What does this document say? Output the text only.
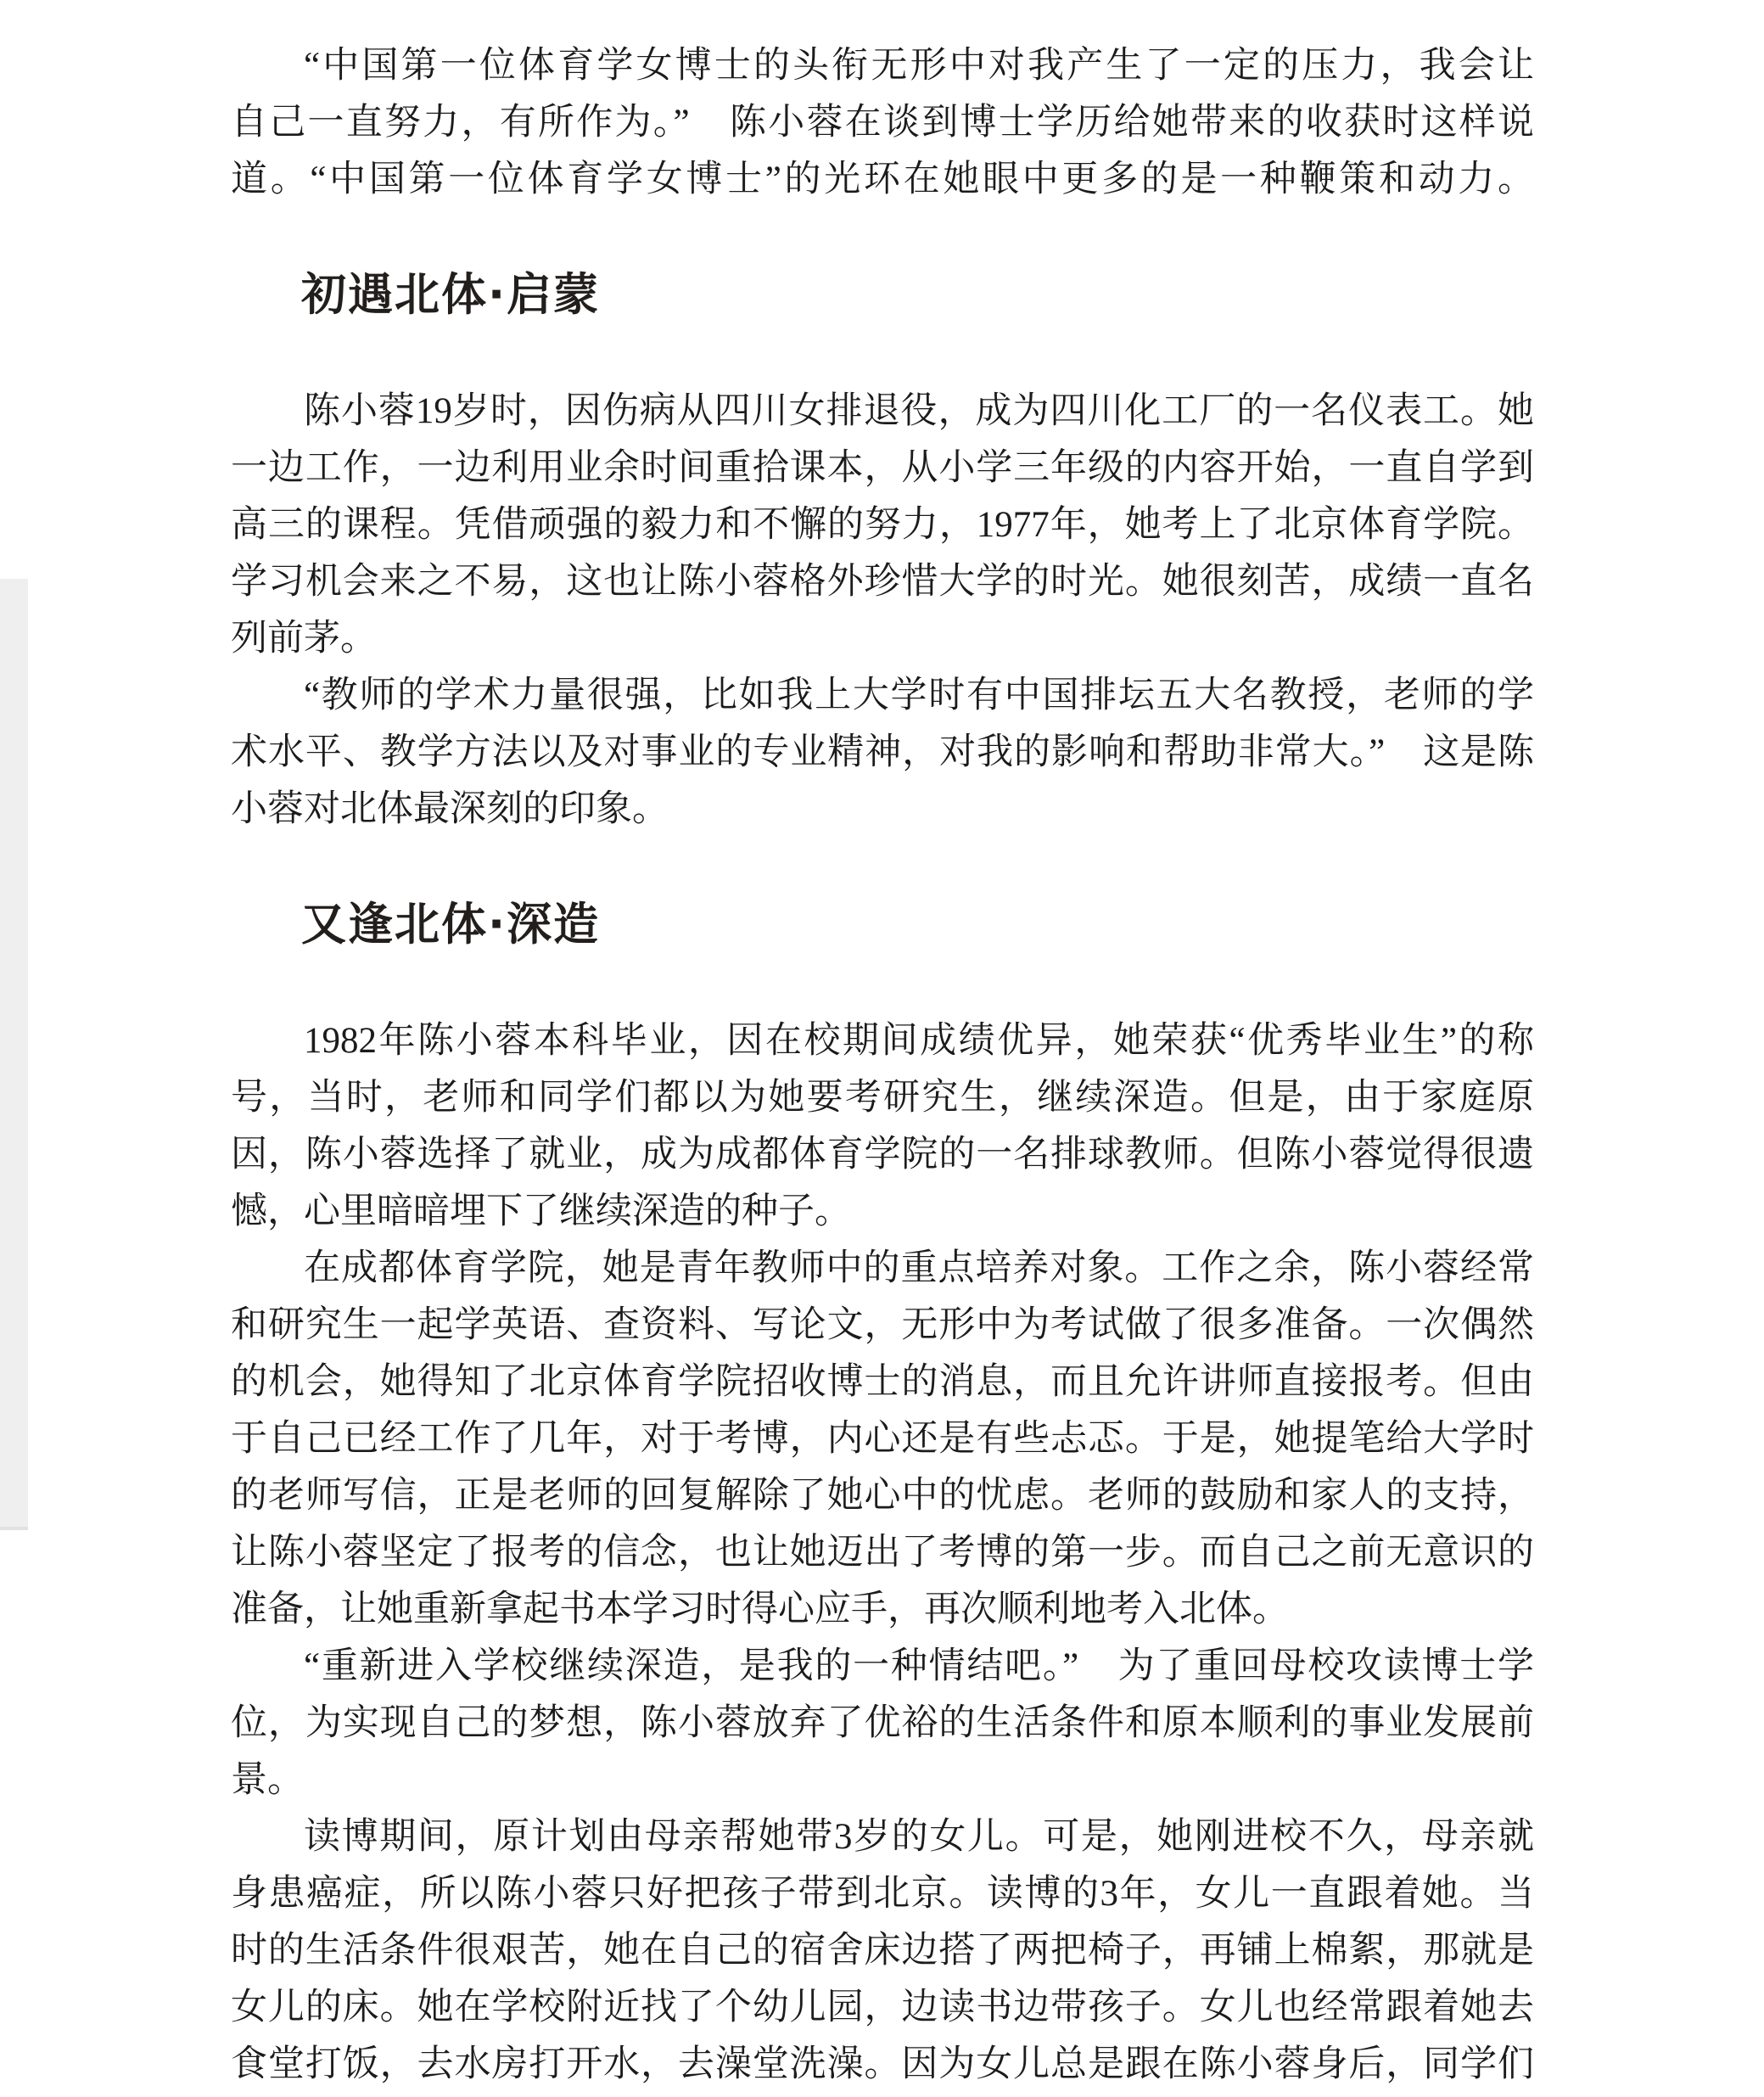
“中国第一位体育学女博士的头衔无形中对我产生了一定的压力，我会让
自己一直努力，有所作为。”　陈小蓉在谈到博士学历给她带来的收获时这样说
道。“中国第一位体育学女博士”的光环在她眼中更多的是一种鞭策和动力。
初遇北体·启蒙
陈小蓉19岁时，因伤病从四川女排退役，成为四川化工厂的一名仪表工。她
一边工作，一边利用业余时间重拾课本，从小学三年级的内容开始，一直自学到
高三的课程。凭借顽强的毅力和不懈的努力，1977年，她考上了北京体育学院。
学习机会来之不易，这也让陈小蓉格外珍惜大学的时光。她很刻苦，成绩一直名
列前茅。
“教师的学术力量很强，比如我上大学时有中国排坛五大名教授，老师的学
术水平、教学方法以及对事业的专业精神，对我的影响和帮助非常大。”　这是陈
小蓉对北体最深刻的印象。
又逢北体·深造
1982年陈小蓉本科毕业，因在校期间成绩优异，她荣获“优秀毕业生”的称
号，当时，老师和同学们都以为她要考研究生，继续深造。但是，由于家庭原
因，陈小蓉选择了就业，成为成都体育学院的一名排球教师。但陈小蓉觉得很遗
憾，心里暗暗埋下了继续深造的种子。
在成都体育学院，她是青年教师中的重点培养对象。工作之余，陈小蓉经常
和研究生一起学英语、查资料、写论文，无形中为考试做了很多准备。一次偶然
的机会，她得知了北京体育学院招收博士的消息，而且允许讲师直接报考。但由
于自己已经工作了几年，对于考博，内心还是有些忐忑。于是，她提笔给大学时
的老师写信，正是老师的回复解除了她心中的忧虑。老师的鼓励和家人的支持，
让陈小蓉坚定了报考的信念，也让她迈出了考博的第一步。而自己之前无意识的
准备，让她重新拿起书本学习时得心应手，再次顺利地考入北体。
“重新进入学校继续深造，是我的一种情结吧。”　为了重回母校攻读博士学
位，为实现自己的梦想，陈小蓉放弃了优裕的生活条件和原本顺利的事业发展前
景。
读博期间，原计划由母亲帮她带3岁的女儿。可是，她刚进校不久，母亲就
身患癌症，所以陈小蓉只好把孩子带到北京。读博的3年，女儿一直跟着她。当
时的生活条件很艰苦，她在自己的宿舍床边搭了两把椅子，再铺上棉絮，那就是
女儿的床。她在学校附近找了个幼儿园，边读书边带孩子。女儿也经常跟着她去
食堂打饭，去水房打开水，去澡堂洗澡。因为女儿总是跟在陈小蓉身后，同学们
